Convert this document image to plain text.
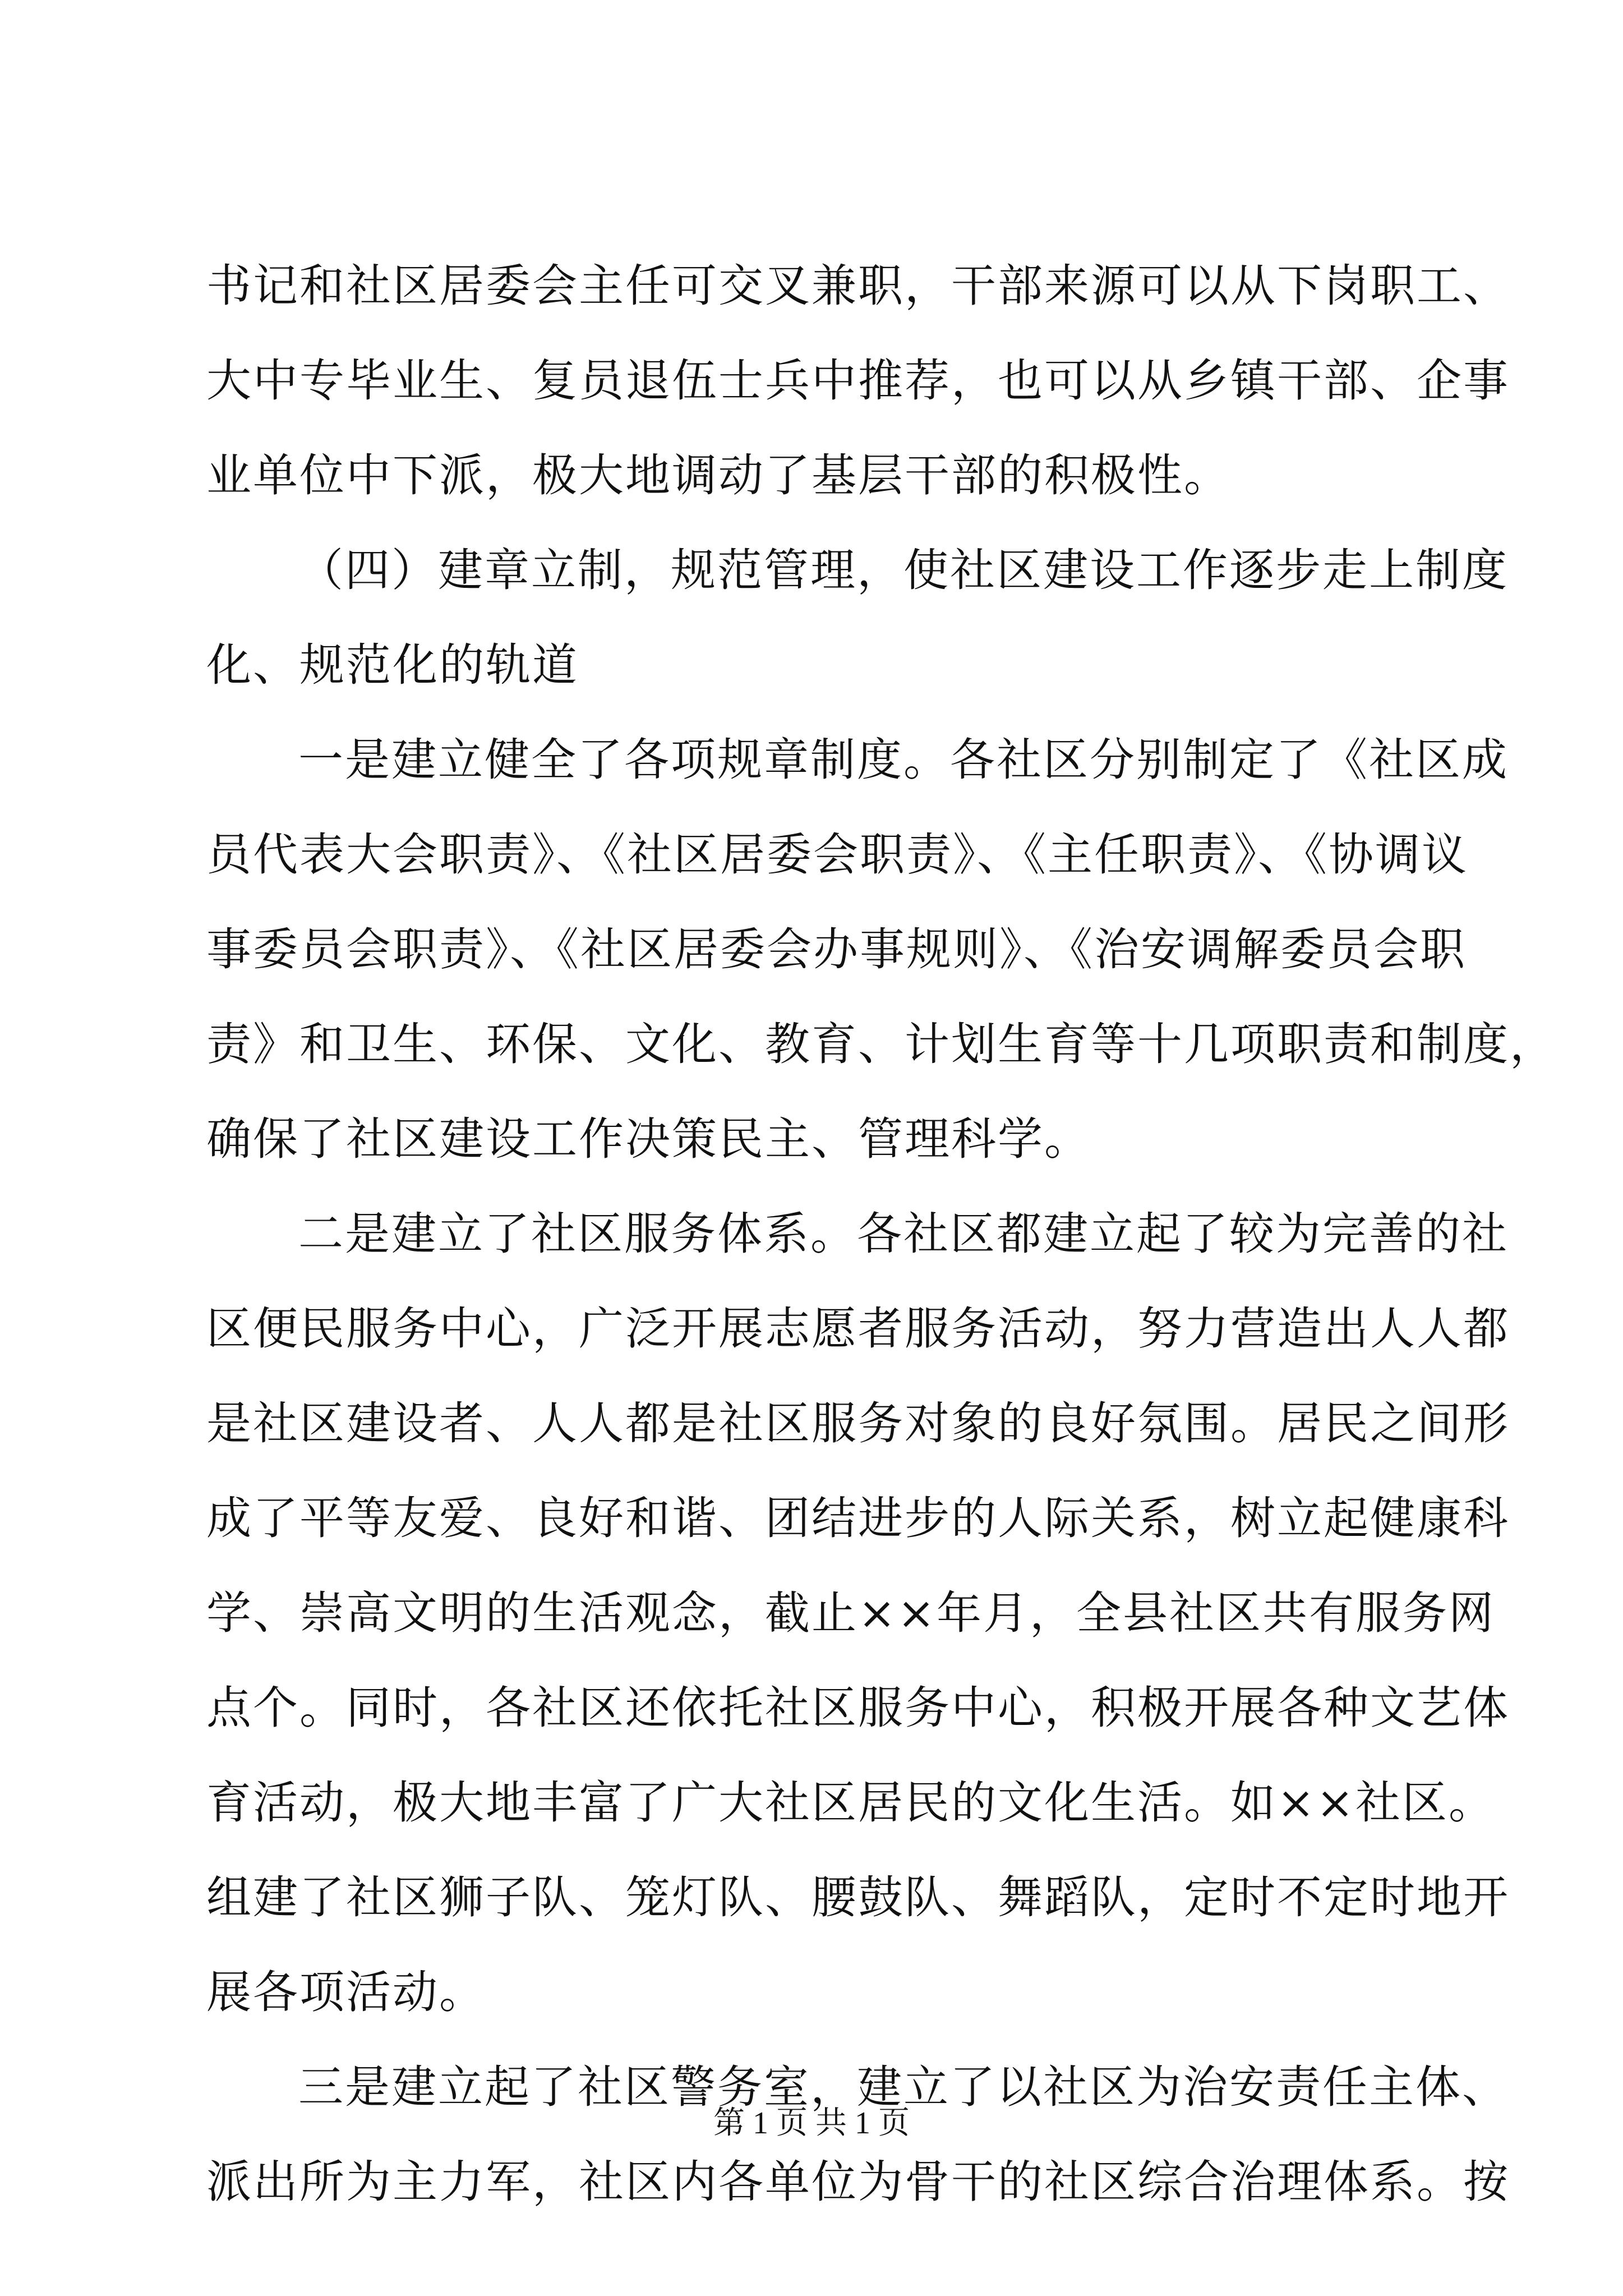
书记和社区居委会主任可交叉兼职，干部来源可以从下岗职工、
大中专毕业生、复员退伍士兵中推荐，也可以从乡镇干部、企事
业单位中下派，极大地调动了基层干部的积极性。

（四）建章立制，规范管理，使社区建设工作逐步走上制度
化、规范化的轨道

一是建立健全了各项规章制度。各社区分别制定了《社区成
员代表大会职责》、《社区居委会职责》、《主任职责》、《协调议
事委员会职责》、《社区居委会办事规则》、《治安调解委员会职
责》和卫生、环保、文化、教育、计划生育等十几项职责和制度，
确保了社区建设工作决策民主、管理科学。

二是建立了社区服务体系。各社区都建立起了较为完善的社
区便民服务中心，广泛开展志愿者服务活动，努力营造出人人都
是社区建设者、人人都是社区服务对象的良好氛围。居民之间形
成了平等友爱、良好和谐、团结进步的人际关系，树立起健康科
学、崇高文明的生活观念，截止××年月，全县社区共有服务网
点个。同时，各社区还依托社区服务中心，积极开展各种文艺体
育活动，极大地丰富了广大社区居民的文化生活。如××社区。
组建了社区狮子队、笼灯队、腰鼓队、舞蹈队，定时不定时地开
展各项活动。

三是建立起了社区警务室，建立了以社区为治安责任主体、
派出所为主力军，社区内各单位为骨干的社区综合治理体系。按

第 1 页 共 1 页
